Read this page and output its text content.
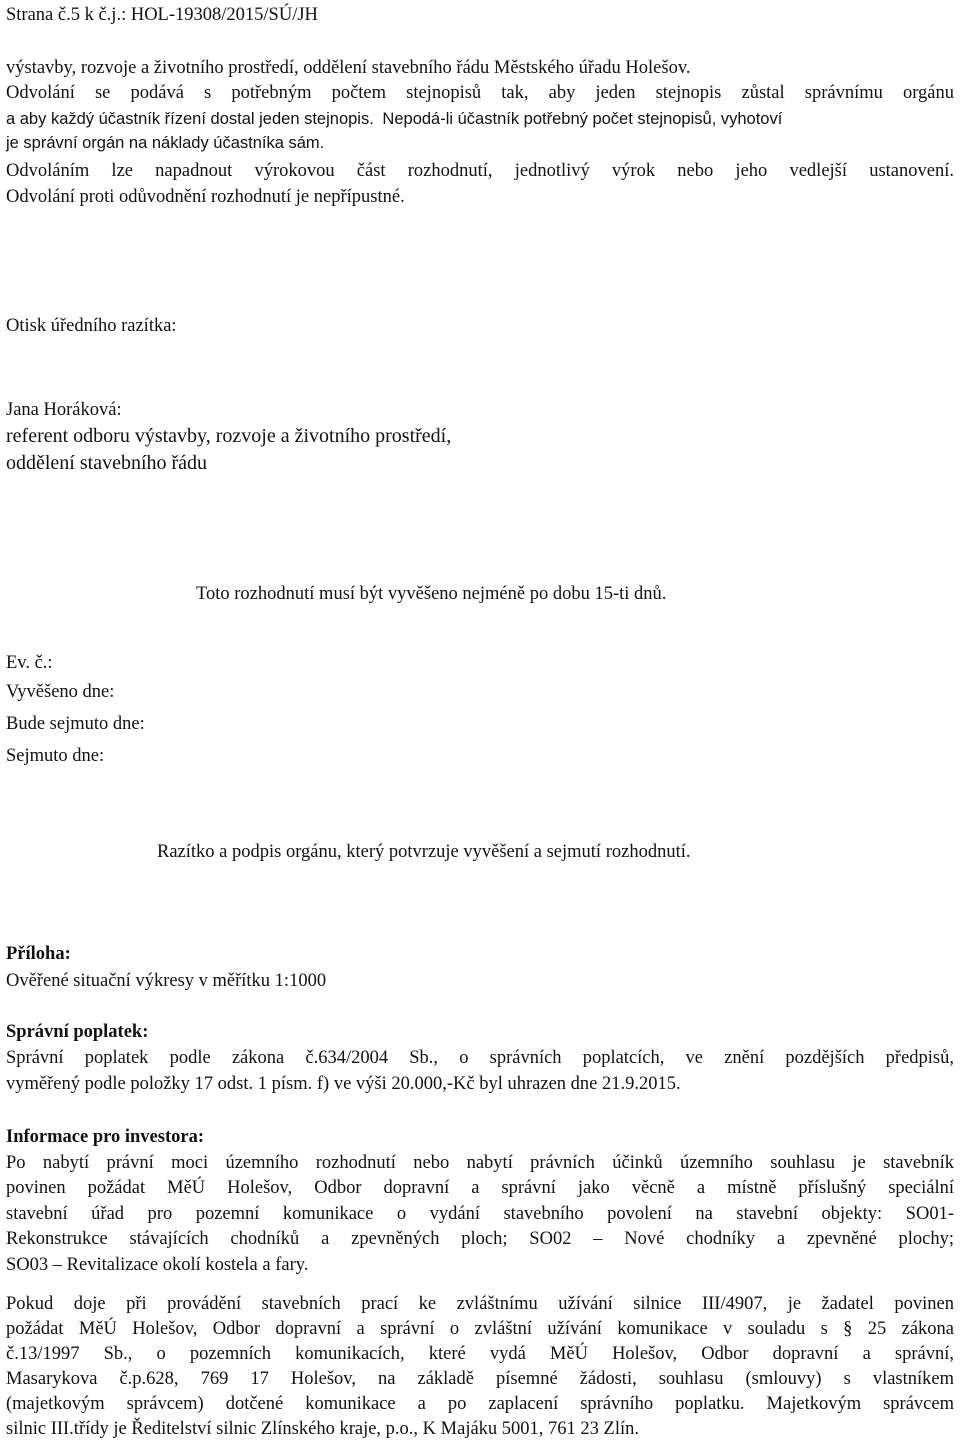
Strana č.5 k č.j.: HOL-19308/2015/SÚ/JH
výstavby, rozvoje a životního prostředí, oddělení stavebního řádu Městského úřadu Holešov.
Odvolání se podává s potřebným počtem stejnopisů tak, aby jeden stejnopis zůstal správnímu orgánu
a aby každý účastník řízení dostal jeden stejnopis. Nepodá-li účastník potřebný počet stejnopisů, vyhotoví
je správní orgán na náklady účastníka sám.
Odvoláním lze napadnout výrokovou část rozhodnutí, jednotlivý výrok nebo jeho vedlejší ustanovení.
Odvolání proti odůvodnění rozhodnutí je nepřípustné.
Otisk úředního razítka:
Jana Horáková:
referent odboru výstavby, rozvoje a životního prostředí,
oddělení stavebního řádu
Toto rozhodnutí musí být vyvěšeno nejméně po dobu 15-ti dnů.
Ev. č.:
Vyvěšeno dne:
Bude sejmuto dne:
Sejmuto dne:
Razítko a podpis orgánu, který potvrzuje vyvěšení a sejmutí rozhodnutí.
Příloha:
Ověřené situační výkresy v měřítku 1:1000
Správní poplatek:
Správní poplatek podle zákona č.634/2004 Sb., o správních poplatcích, ve znění pozdějších předpisů,
vyměřený podle položky 17 odst. 1 písm. f) ve výši 20.000,-Kč byl uhrazen dne 21.9.2015.
Informace pro investora:
Po nabytí právní moci územního rozhodnutí nebo nabytí právních účinků územního souhlasu je stavebník
povinen požádat MěÚ Holešov, Odbor dopravní a správní jako věcně a místně příslušný speciální
stavební úřad pro pozemní komunikace o vydání stavebního povolení na stavební objekty: SO01-
Rekonstrukce stávajících chodníků a zpevněných ploch; SO02 – Nové chodníky a zpevněné plochy;
SO03 – Revitalizace okolí kostela a fary.
Pokud doje při provádění stavebních prací ke zvláštnímu užívání silnice III/4907, je žadatel povinen
požádat MěÚ Holešov, Odbor dopravní a správní o zvláštní užívání komunikace v souladu s § 25 zákona
č.13/1997 Sb., o pozemních komunikacích, které vydá MěÚ Holešov, Odbor dopravní a správní,
Masarykova č.p.628, 769 17 Holešov, na základě písemné žádosti, souhlasu (smlouvy) s vlastníkem
(majetkovým správcem) dotčené komunikace a po zaplacení správního poplatku. Majetkovým správcem
silnic III.třídy je Ředitelství silnic Zlínského kraje, p.o., K Majáku 5001, 761 23 Zlín.
